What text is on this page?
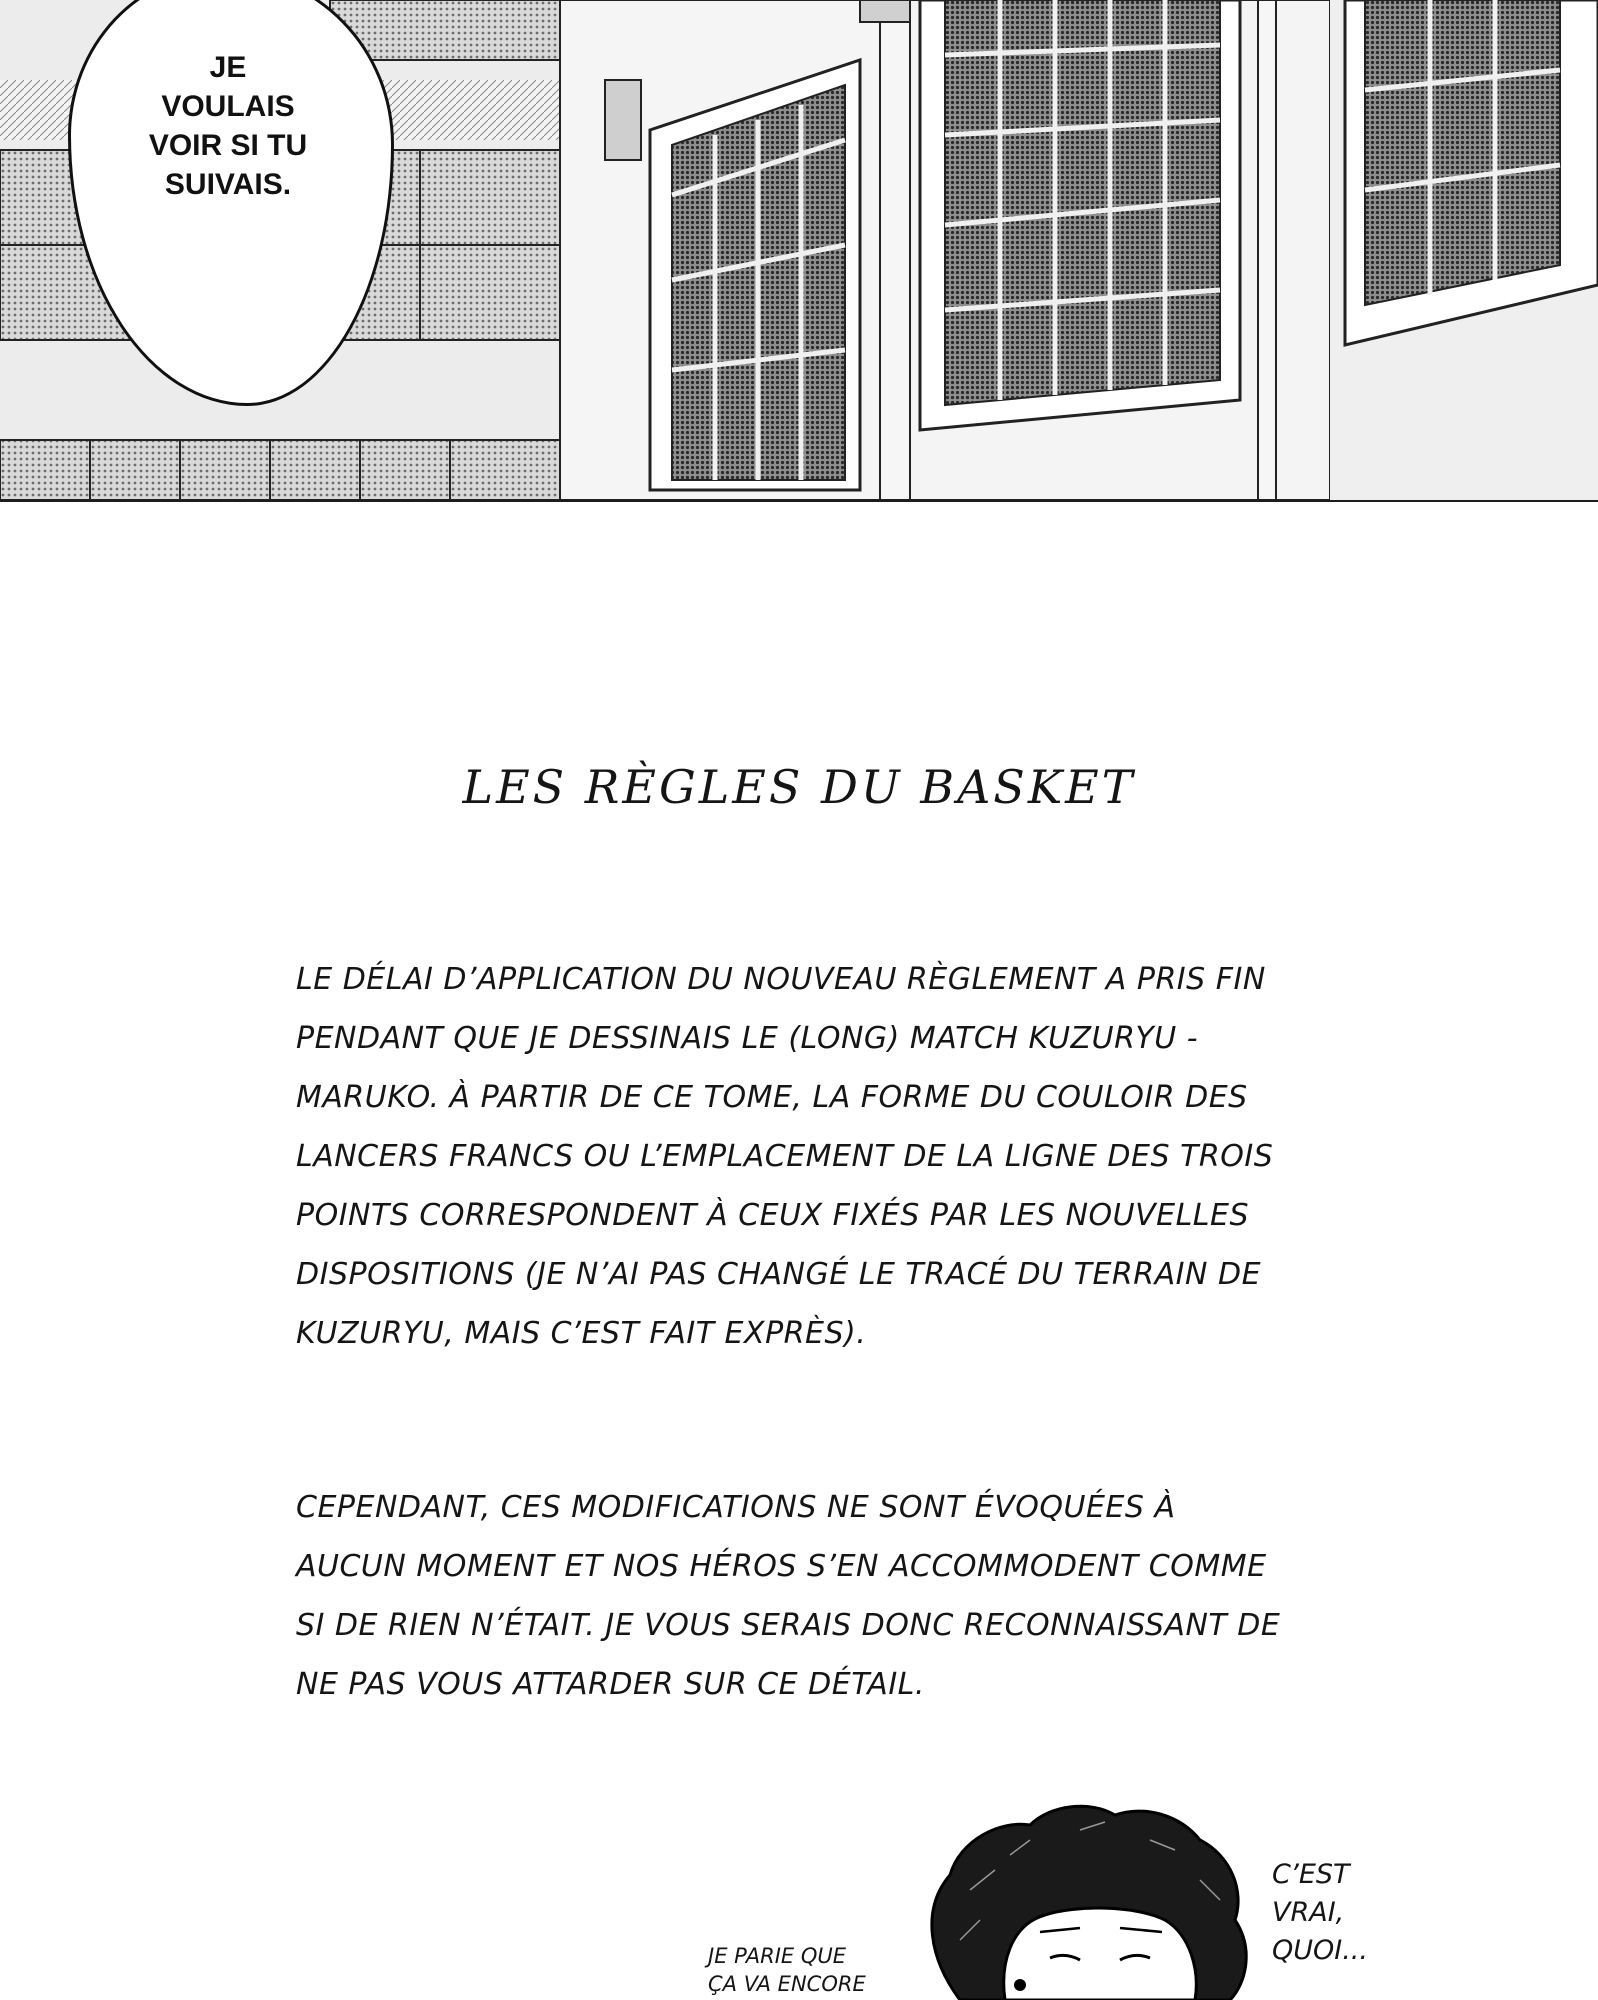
JE
VOULAIS
VOIR SI TU
SUIVAIS.
LES RÈGLES DU BASKET
LE DÉLAI D’APPLICATION DU NOUVEAU RÈGLEMENT A PRIS FIN
PENDANT QUE JE DESSINAIS LE (LONG) MATCH KUZURYU -
MARUKO. À PARTIR DE CE TOME, LA FORME DU COULOIR DES
LANCERS FRANCS OU L’EMPLACEMENT DE LA LIGNE DES TROIS
POINTS CORRESPONDENT À CEUX FIXÉS PAR LES NOUVELLES
DISPOSITIONS (JE N’AI PAS CHANGÉ LE TRACÉ DU TERRAIN DE
KUZURYU, MAIS C’EST FAIT EXPRÈS).
CEPENDANT, CES MODIFICATIONS NE SONT ÉVOQUÉES À
AUCUN MOMENT ET NOS HÉROS S’EN ACCOMMODENT COMME
SI DE RIEN N’ÉTAIT. JE VOUS SERAIS DONC RECONNAISSANT DE
NE PAS VOUS ATTARDER SUR CE DÉTAIL.
JE PARIE QUE
ÇA VA ENCORE
C’EST
VRAI,
QUOI...
